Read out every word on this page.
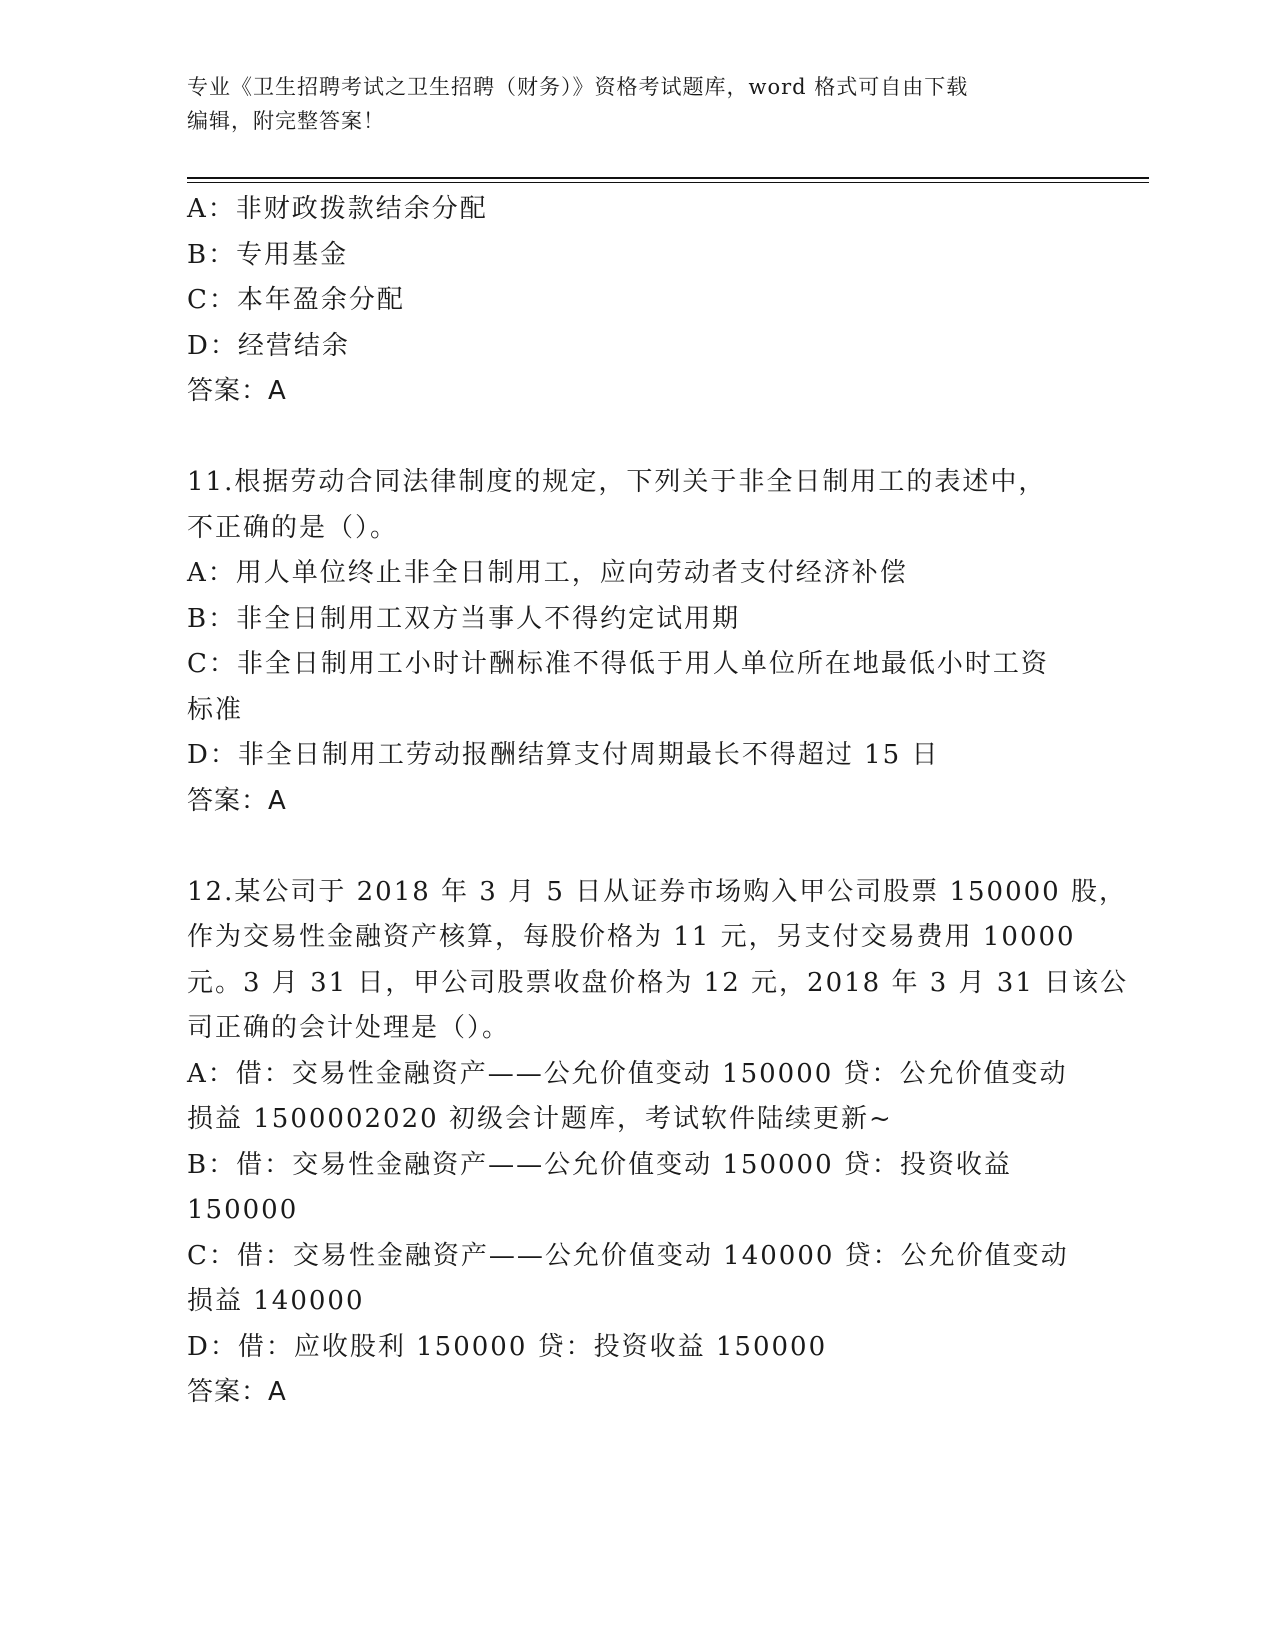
专业《卫生招聘考试之卫生招聘（财务）》资格考试题库，word 格式可自由下载
编辑，附完整答案！
A：非财政拨款结余分配
B：专用基金
C：本年盈余分配
D：经营结余
答案：A
11.根据劳动合同法律制度的规定，下列关于非全日制用工的表述中，
不正确的是（）。
A：用人单位终止非全日制用工，应向劳动者支付经济补偿
B：非全日制用工双方当事人不得约定试用期
C：非全日制用工小时计酬标准不得低于用人单位所在地最低小时工资
标准
D：非全日制用工劳动报酬结算支付周期最长不得超过 15 日
答案：A
12.某公司于 2018 年 3 月 5 日从证券市场购入甲公司股票 150000 股，
作为交易性金融资产核算，每股价格为 11 元，另支付交易费用 10000
元。3 月 31 日，甲公司股票收盘价格为 12 元，2018 年 3 月 31 日该公
司正确的会计处理是（）。
A：借：交易性金融资产——公允价值变动 150000 贷：公允价值变动
损益 1500002020 初级会计题库，考试软件陆续更新~
B：借：交易性金融资产——公允价值变动 150000 贷：投资收益
150000
C：借：交易性金融资产——公允价值变动 140000 贷：公允价值变动
损益 140000
D：借：应收股利 150000 贷：投资收益 150000
答案：A
